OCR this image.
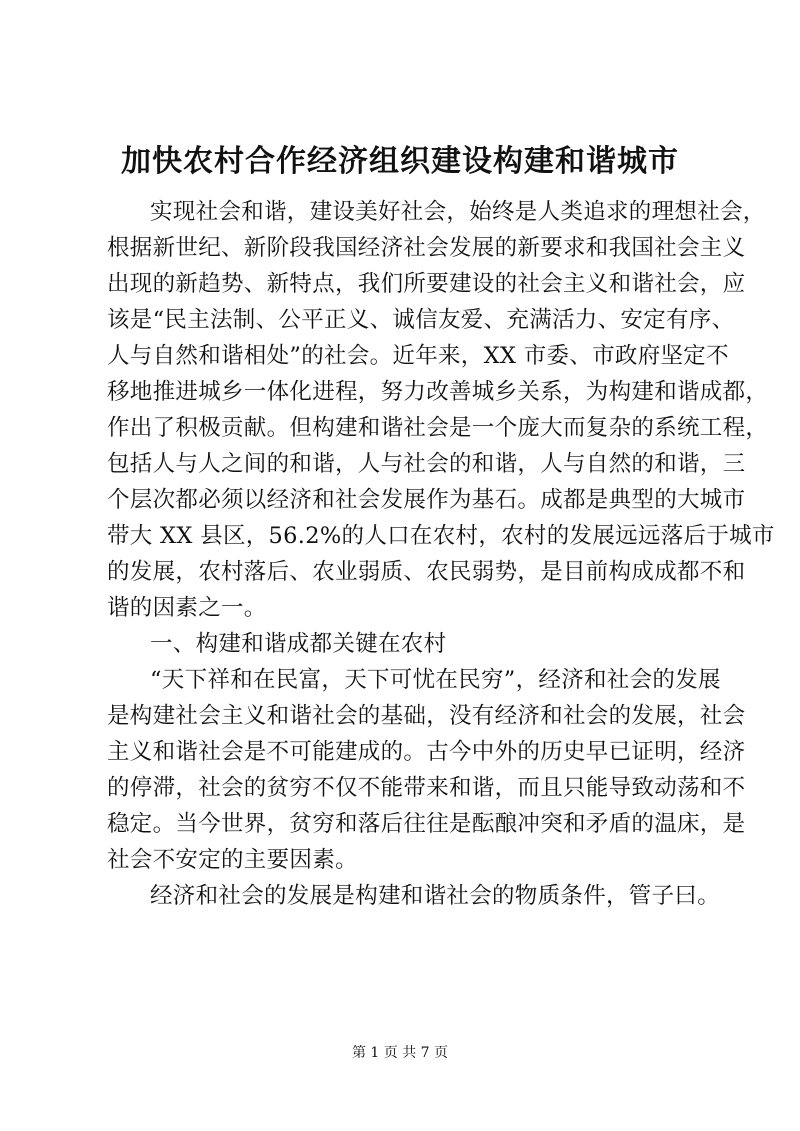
加快农村合作经济组织建设构建和谐城市
实现社会和谐，建设美好社会，始终是人类追求的理想社会，
根据新世纪、新阶段我国经济社会发展的新要求和我国社会主义
出现的新趋势、新特点，我们所要建设的社会主义和谐社会，应
该是“民主法制、公平正义、诚信友爱、充满活力、安定有序、
人与自然和谐相处”的社会。近年来，XX 市委、市政府坚定不
移地推进城乡一体化进程，努力改善城乡关系，为构建和谐成都，
作出了积极贡献。但构建和谐社会是一个庞大而复杂的系统工程，
包括人与人之间的和谐，人与社会的和谐，人与自然的和谐，三
个层次都必须以经济和社会发展作为基石。成都是典型的大城市
带大 XX 县区，56.2%的人口在农村，农村的发展远远落后于城市
的发展，农村落后、农业弱质、农民弱势，是目前构成成都不和
谐的因素之一。
一、构建和谐成都关键在农村
“天下祥和在民富，天下可忧在民穷”，经济和社会的发展
是构建社会主义和谐社会的基础，没有经济和社会的发展，社会
主义和谐社会是不可能建成的。古今中外的历史早已证明，经济
的停滞，社会的贫穷不仅不能带来和谐，而且只能导致动荡和不
稳定。当今世界，贫穷和落后往往是酝酿冲突和矛盾的温床，是
社会不安定的主要因素。
经济和社会的发展是构建和谐社会的物质条件，管子曰。
第 1 页 共 7 页
